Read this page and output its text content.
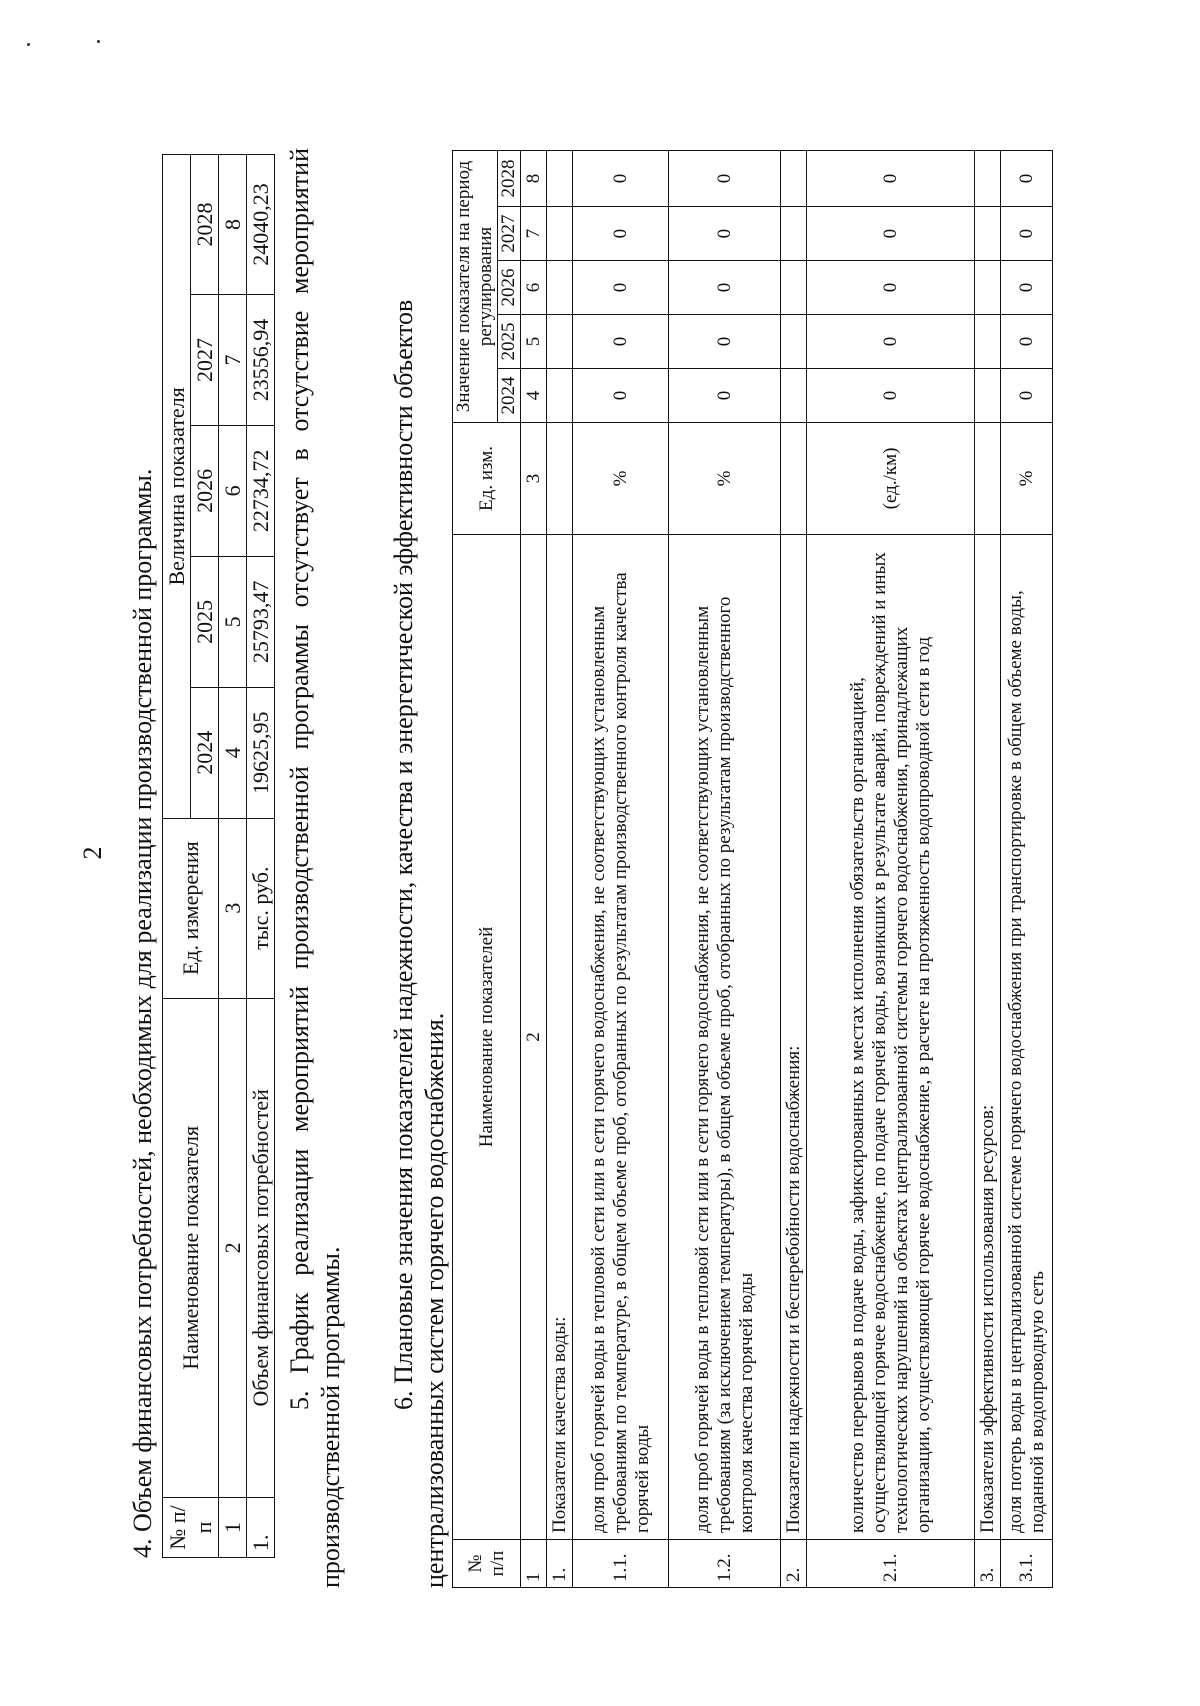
2 4. Объем финансовых потребностей, необходимых для реализации производственной программы. № п/п	Наименование показателя	Ед. измерения	Величина показателя				
			2024	2025	2026	2027	2028
1	2	3	4	5	6	7	8
1.	Объем финансовых потребностей	тыс. руб.	19625,95	25793,47	22734,72	23556,94	24040,23 5. График реализации мероприятий производственной программы отсутствует в отсутствие мероприятий производственной программы.
6. Плановые значения показателей надежности, качества и энергетической эффективности объектов централизованных систем горячего водоснабжения. № п/п	Наименование показателей	Ед. изм.	Значение показателя на период регулирования				
			2024	2025	2026	2027	2028
1	2	3	4	5	6	7	8
1.	Показатели качества воды:						
1.1.	доля проб горячей воды в тепловой сети или в сети горячего водоснабжения, не соответствующих установленным требованиям по температуре, в общем объеме проб, отобранных по результатам производственного контроля качества горячей воды	%	0	0	0	0	0
1.2.	доля проб горячей воды в тепловой сети или в сети горячего водоснабжения, не соответствующих установленным требованиям (за исключением температуры), в общем объеме проб, отобранных по результатам производственного контроля качества горячей воды	%	0	0	0	0	0
2.	Показатели надежности и бесперебойности водоснабжения:						
2.1.	количество перерывов в подаче воды, зафиксированных в местах исполнения обязательств организацией, осуществляющей горячее водоснабжение, по подаче горячей воды, возникших в результате аварий, повреждений и иных технологических нарушений на объектах централизованной системы горячего водоснабжения, принадлежащих организации, осуществляющей горячее водоснабжение, в расчете на протяженность водопроводной сети в год	(ед./км)	0	0	0	0	0
3.	Показатели эффективности использования ресурсов:						
3.1.	доля потерь воды в централизованной системе горячего водоснабжения при транспортировке в общем объеме воды, поданной в водопроводную сеть	%	0	0	0	0	0
